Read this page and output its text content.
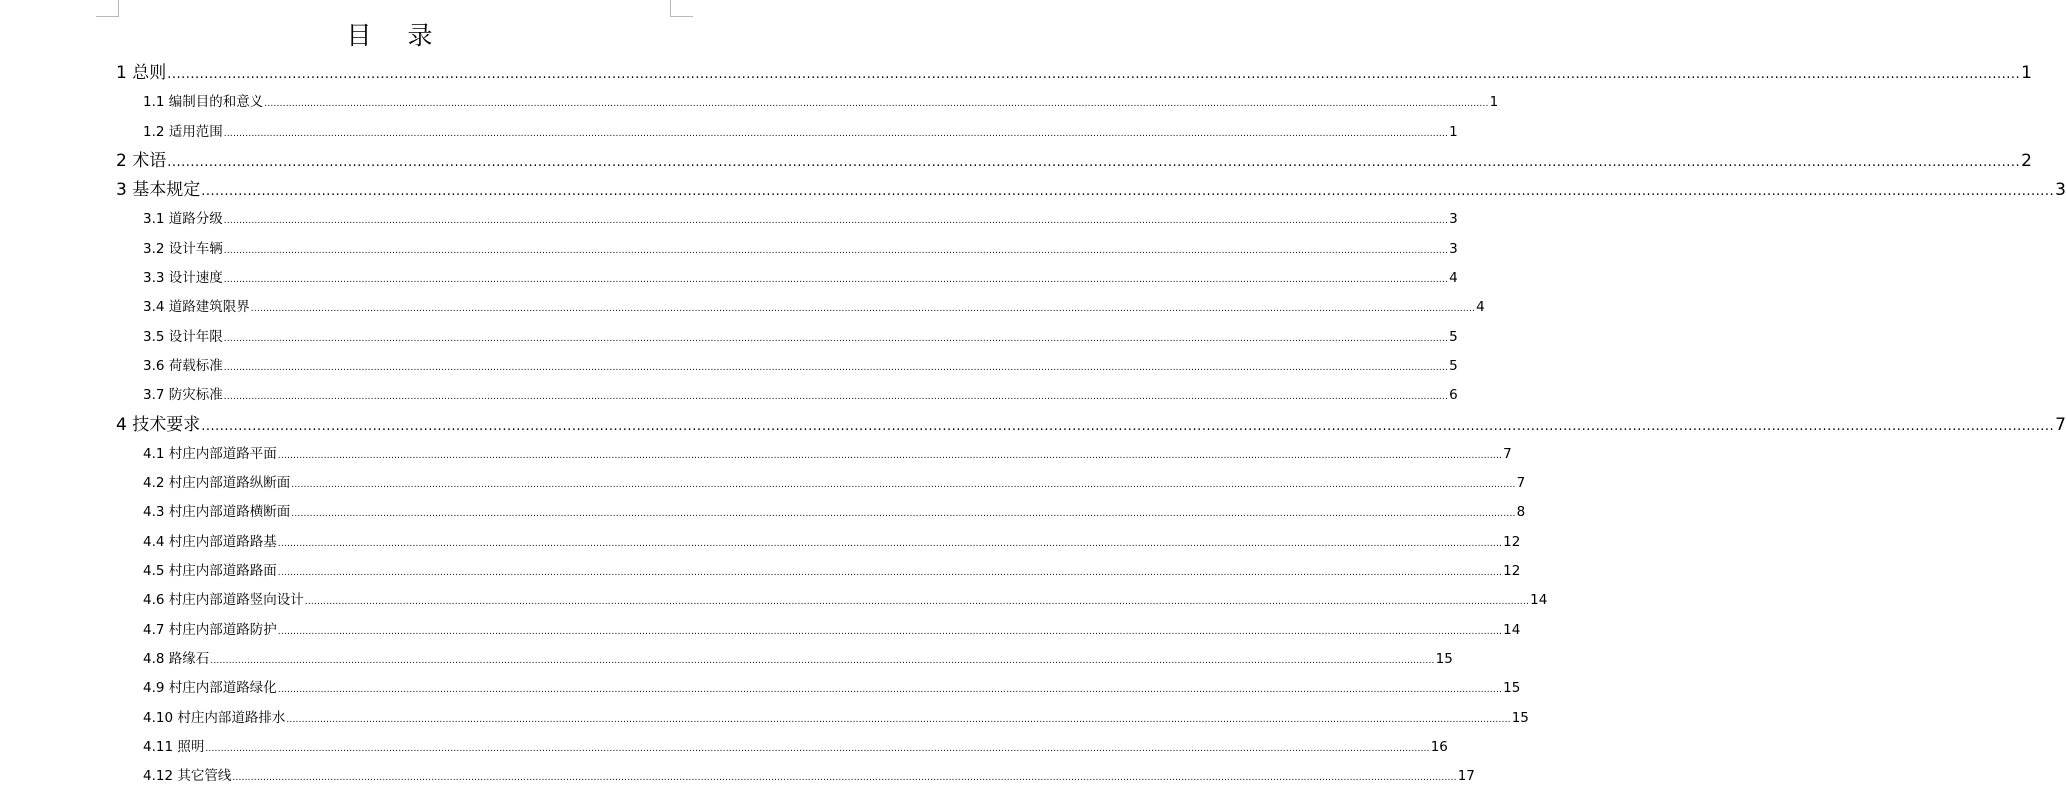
目 录
1 总则 ................................................................................................................................................................................................................................................................................................................................................................................................................ 1
1.1 编制目的和意义 ................................................................................................................................................................................................................................................................................................................................................................................................................ 1
1.2 适用范围 ................................................................................................................................................................................................................................................................................................................................................................................................................ 1
2 术语 ................................................................................................................................................................................................................................................................................................................................................................................................................ 2
3 基本规定 ................................................................................................................................................................................................................................................................................................................................................................................................................ 3
3.1 道路分级 ................................................................................................................................................................................................................................................................................................................................................................................................................ 3
3.2 设计车辆 ................................................................................................................................................................................................................................................................................................................................................................................................................ 3
3.3 设计速度 ................................................................................................................................................................................................................................................................................................................................................................................................................ 4
3.4 道路建筑限界 ................................................................................................................................................................................................................................................................................................................................................................................................................ 4
3.5 设计年限 ................................................................................................................................................................................................................................................................................................................................................................................................................ 5
3.6 荷载标准 ................................................................................................................................................................................................................................................................................................................................................................................................................ 5
3.7 防灾标准 ................................................................................................................................................................................................................................................................................................................................................................................................................ 6
4 技术要求 ................................................................................................................................................................................................................................................................................................................................................................................................................ 7
4.1 村庄内部道路平面 ................................................................................................................................................................................................................................................................................................................................................................................................................ 7
4.2 村庄内部道路纵断面 ................................................................................................................................................................................................................................................................................................................................................................................................................ 7
4.3 村庄内部道路横断面 ................................................................................................................................................................................................................................................................................................................................................................................................................ 8
4.4 村庄内部道路路基 ................................................................................................................................................................................................................................................................................................................................................................................................................ 12
4.5 村庄内部道路路面 ................................................................................................................................................................................................................................................................................................................................................................................................................ 12
4.6 村庄内部道路竖向设计 ................................................................................................................................................................................................................................................................................................................................................................................................................ 14
4.7 村庄内部道路防护 ................................................................................................................................................................................................................................................................................................................................................................................................................ 14
4.8 路缘石 ................................................................................................................................................................................................................................................................................................................................................................................................................ 15
4.9 村庄内部道路绿化 ................................................................................................................................................................................................................................................................................................................................................................................................................ 15
4.10 村庄内部道路排水 ................................................................................................................................................................................................................................................................................................................................................................................................................ 15
4.11 照明 ................................................................................................................................................................................................................................................................................................................................................................................................................ 16
4.12 其它管线 ................................................................................................................................................................................................................................................................................................................................................................................................................ 17
